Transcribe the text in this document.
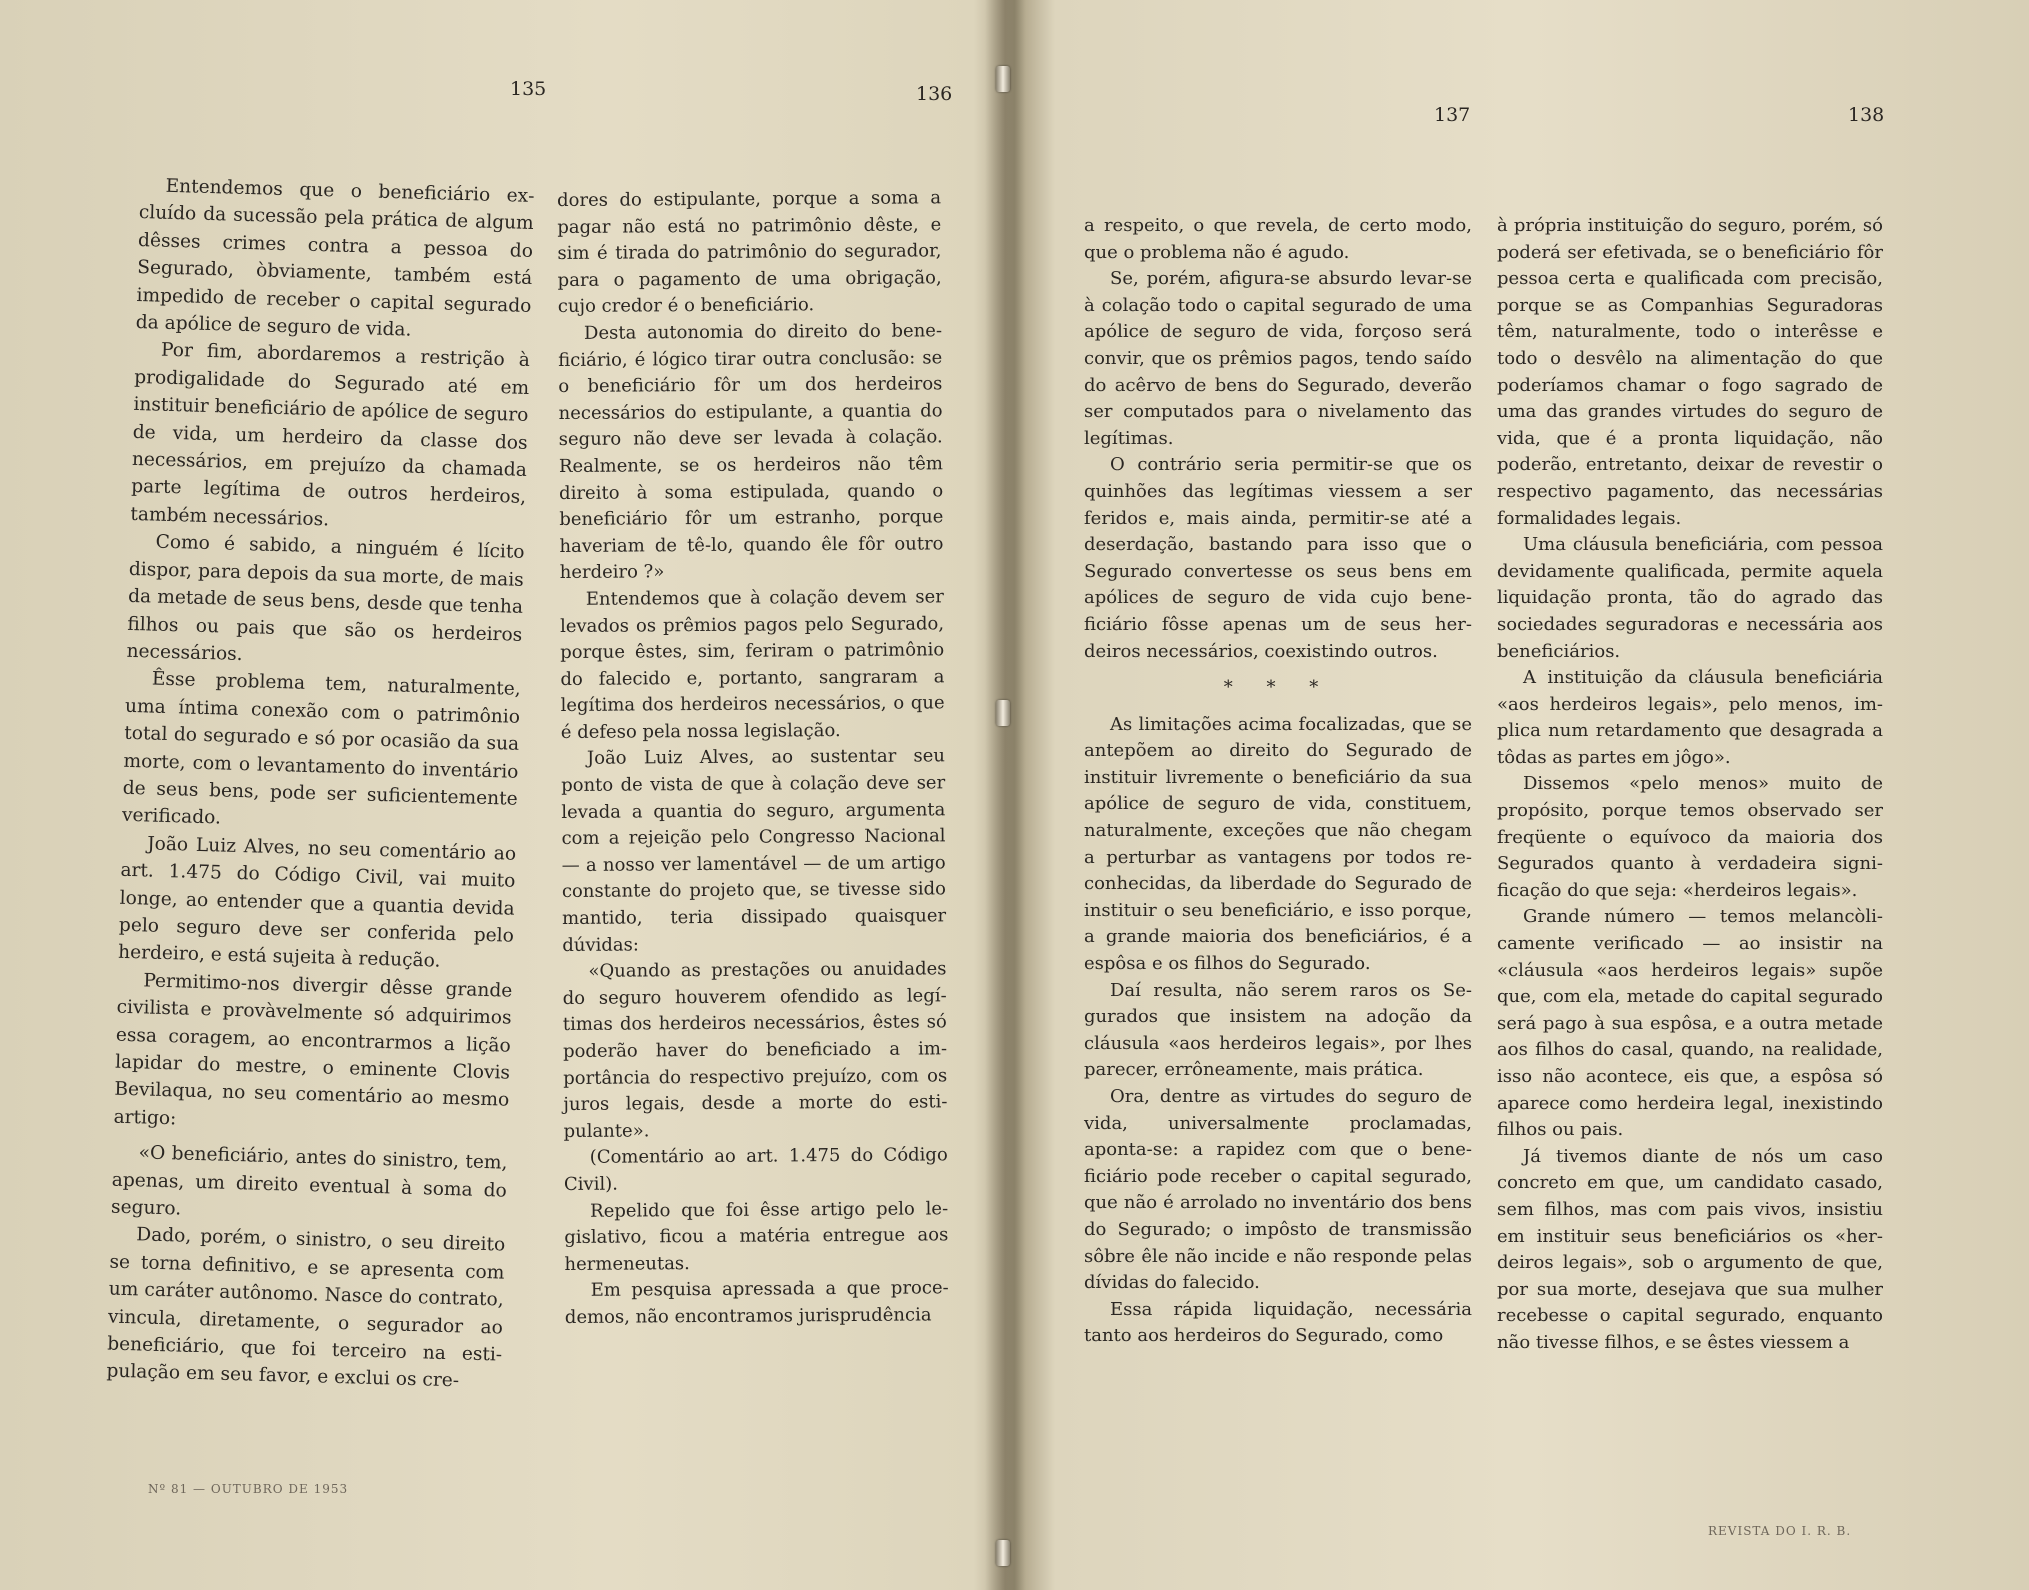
135	136
137	138

Entendemos que o beneficiário excluído da sucessão pela prática de algum dêsses crimes contra a pessoa do Segurado, òbviamente, também está impedido de receber o capital segurado da apólice de seguro de vida.

Por fim, abordaremos a restrição à prodigalidade do Segurado até em instituir beneficiário de apólice de seguro de vida, um herdeiro da classe dos necessários, em prejuízo da chamada parte legítima de outros herdeiros, também necessários.

Como é sabido, a ninguém é lícito dispor, para depois da sua morte, de mais da metade de seus bens, desde que tenha filhos ou pais que são os herdeiros necessários.

Êsse problema tem, naturalmente, uma íntima conexão com o patrimônio total do segurado e só por ocasião da sua morte, com o levantamento do inventário de seus bens, pode ser suficientemente verificado.

João Luiz Alves, no seu comentário ao art. 1.475 do Código Civil, vai muito longe, ao entender que a quantia devida pelo seguro deve ser conferida pelo herdeiro, e está sujeita à redução.

Permitimo-nos divergir dêsse grande civilista e provàvelmente só adquirimos essa coragem, ao encontrarmos a lição lapidar do mestre, o eminente Clovis Bevilaqua, no seu comentário ao mesmo artigo:

«O beneficiário, antes do sinistro, tem, apenas, um direito eventual à soma do seguro.

Dado, porém, o sinistro, o seu direito se torna definitivo, e se apresenta com um caráter autônomo. Nasce do contrato, vincula, diretamente, o segurador ao beneficiário, que foi terceiro na estipulação em seu favor, e exclui os cre-

dores do estipulante, porque a soma a pagar não está no patrimônio dêste, e sim é tirada do patrimônio do segurador, para o pagamento de uma obrigação, cujo credor é o beneficiário.

Desta autonomia do direito do beneficiário, é lógico tirar outra conclusão: se o beneficiário fôr um dos herdeiros necessários do estipulante, a quantia do seguro não deve ser levada à colação. Realmente, se os herdeiros não têm direito à soma estipulada, quando o beneficiário fôr um estranho, porque haveriam de tê-lo, quando êle fôr outro herdeiro ?»

Entendemos que à colação devem ser levados os prêmios pagos pelo Segurado, porque êstes, sim, feriram o patrimônio do falecido e, portanto, sangraram a legítima dos herdeiros necessários, o que é defeso pela nossa legislação.

João Luiz Alves, ao sustentar seu ponto de vista de que à colação deve ser levada a quantia do seguro, argumenta com a rejeição pelo Congresso Nacional — a nosso ver lamentável — de um artigo constante do projeto que, se tivesse sido mantido, teria dissipado quaisquer dúvidas:

«Quando as prestações ou anuidades do seguro houverem ofendido as legítimas dos herdeiros necessários, êstes só poderão haver do beneficiado a importância do respectivo prejuízo, com os juros legais, desde a morte do estipulante».

(Comentário ao art. 1.475 do Código Civil).

Repelido que foi êsse artigo pelo legislativo, ficou a matéria entregue aos hermeneutas.

Em pesquisa apressada a que procedemos, não encontramos jurisprudência

a respeito, o que revela, de certo modo, que o problema não é agudo.

Se, porém, afigura-se absurdo levar-se à colação todo o capital segurado de uma apólice de seguro de vida, forçoso será convir, que os prêmios pagos, tendo saído do acêrvo de bens do Segurado, deverão ser computados para o nivelamento das legítimas.

O contrário seria permitir-se que os quinhões das legítimas viessem a ser feridos e, mais ainda, permitir-se até a deserdação, bastando para isso que o Segurado convertesse os seus bens em apólices de seguro de vida cujo beneficiário fôsse apenas um de seus herdeiros necessários, coexistindo outros.

* * *

As limitações acima focalizadas, que se antepõem ao direito do Segurado de instituir livremente o beneficiário da sua apólice de seguro de vida, constituem, naturalmente, exceções que não chegam a perturbar as vantagens por todos reconhecidas, da liberdade do Segurado de instituir o seu beneficiário, e isso porque, a grande maioria dos beneficiários, é a espôsa e os filhos do Segurado.

Daí resulta, não serem raros os Segurados que insistem na adoção da cláusula «aos herdeiros legais», por lhes parecer, errôneamente, mais prática.

Ora, dentre as virtudes do seguro de vida, universalmente proclamadas, aponta-se: a rapidez com que o beneficiário pode receber o capital segurado, que não é arrolado no inventário dos bens do Segurado; o impôsto de transmissão sôbre êle não incide e não responde pelas dívidas do falecido.

Essa rápida liquidação, necessária tanto aos herdeiros do Segurado, como

à própria instituição do seguro, porém, só poderá ser efetivada, se o beneficiário fôr pessoa certa e qualificada com precisão, porque se as Companhias Seguradoras têm, naturalmente, todo o interêsse e todo o desvêlo na alimentação do que poderíamos chamar o fogo sagrado de uma das grandes virtudes do seguro de vida, que é a pronta liquidação, não poderão, entretanto, deixar de revestir o respectivo pagamento, das necessárias formalidades legais.

Uma cláusula beneficiária, com pessoa devidamente qualificada, permite aquela liquidação pronta, tão do agrado das sociedades seguradoras e necessária aos beneficiários.

A instituição da cláusula beneficiária «aos herdeiros legais», pelo menos, implica num retardamento que desagrada a tôdas as partes em jôgo».

Dissemos «pelo menos» muito de propósito, porque temos observado ser freqüente o equívoco da maioria dos Segurados quanto à verdadeira significação do que seja: «herdeiros legais».

Grande número — temos melancòlicamente verificado — ao insistir na «cláusula «aos herdeiros legais» supõe que, com ela, metade do capital segurado será pago à sua espôsa, e a outra metade aos filhos do casal, quando, na realidade, isso não acontece, eis que, a espôsa só aparece como herdeira legal, inexistindo filhos ou pais.

Já tivemos diante de nós um caso concreto em que, um candidato casado, sem filhos, mas com pais vivos, insistiu em instituir seus beneficiários os «herdeiros legais», sob o argumento de que, por sua morte, desejava que sua mulher recebesse o capital segurado, enquanto não tivesse filhos, e se êstes viessem a

Nº 81 — OUTUBRO DE 1953
REVISTA DO I. R. B.
